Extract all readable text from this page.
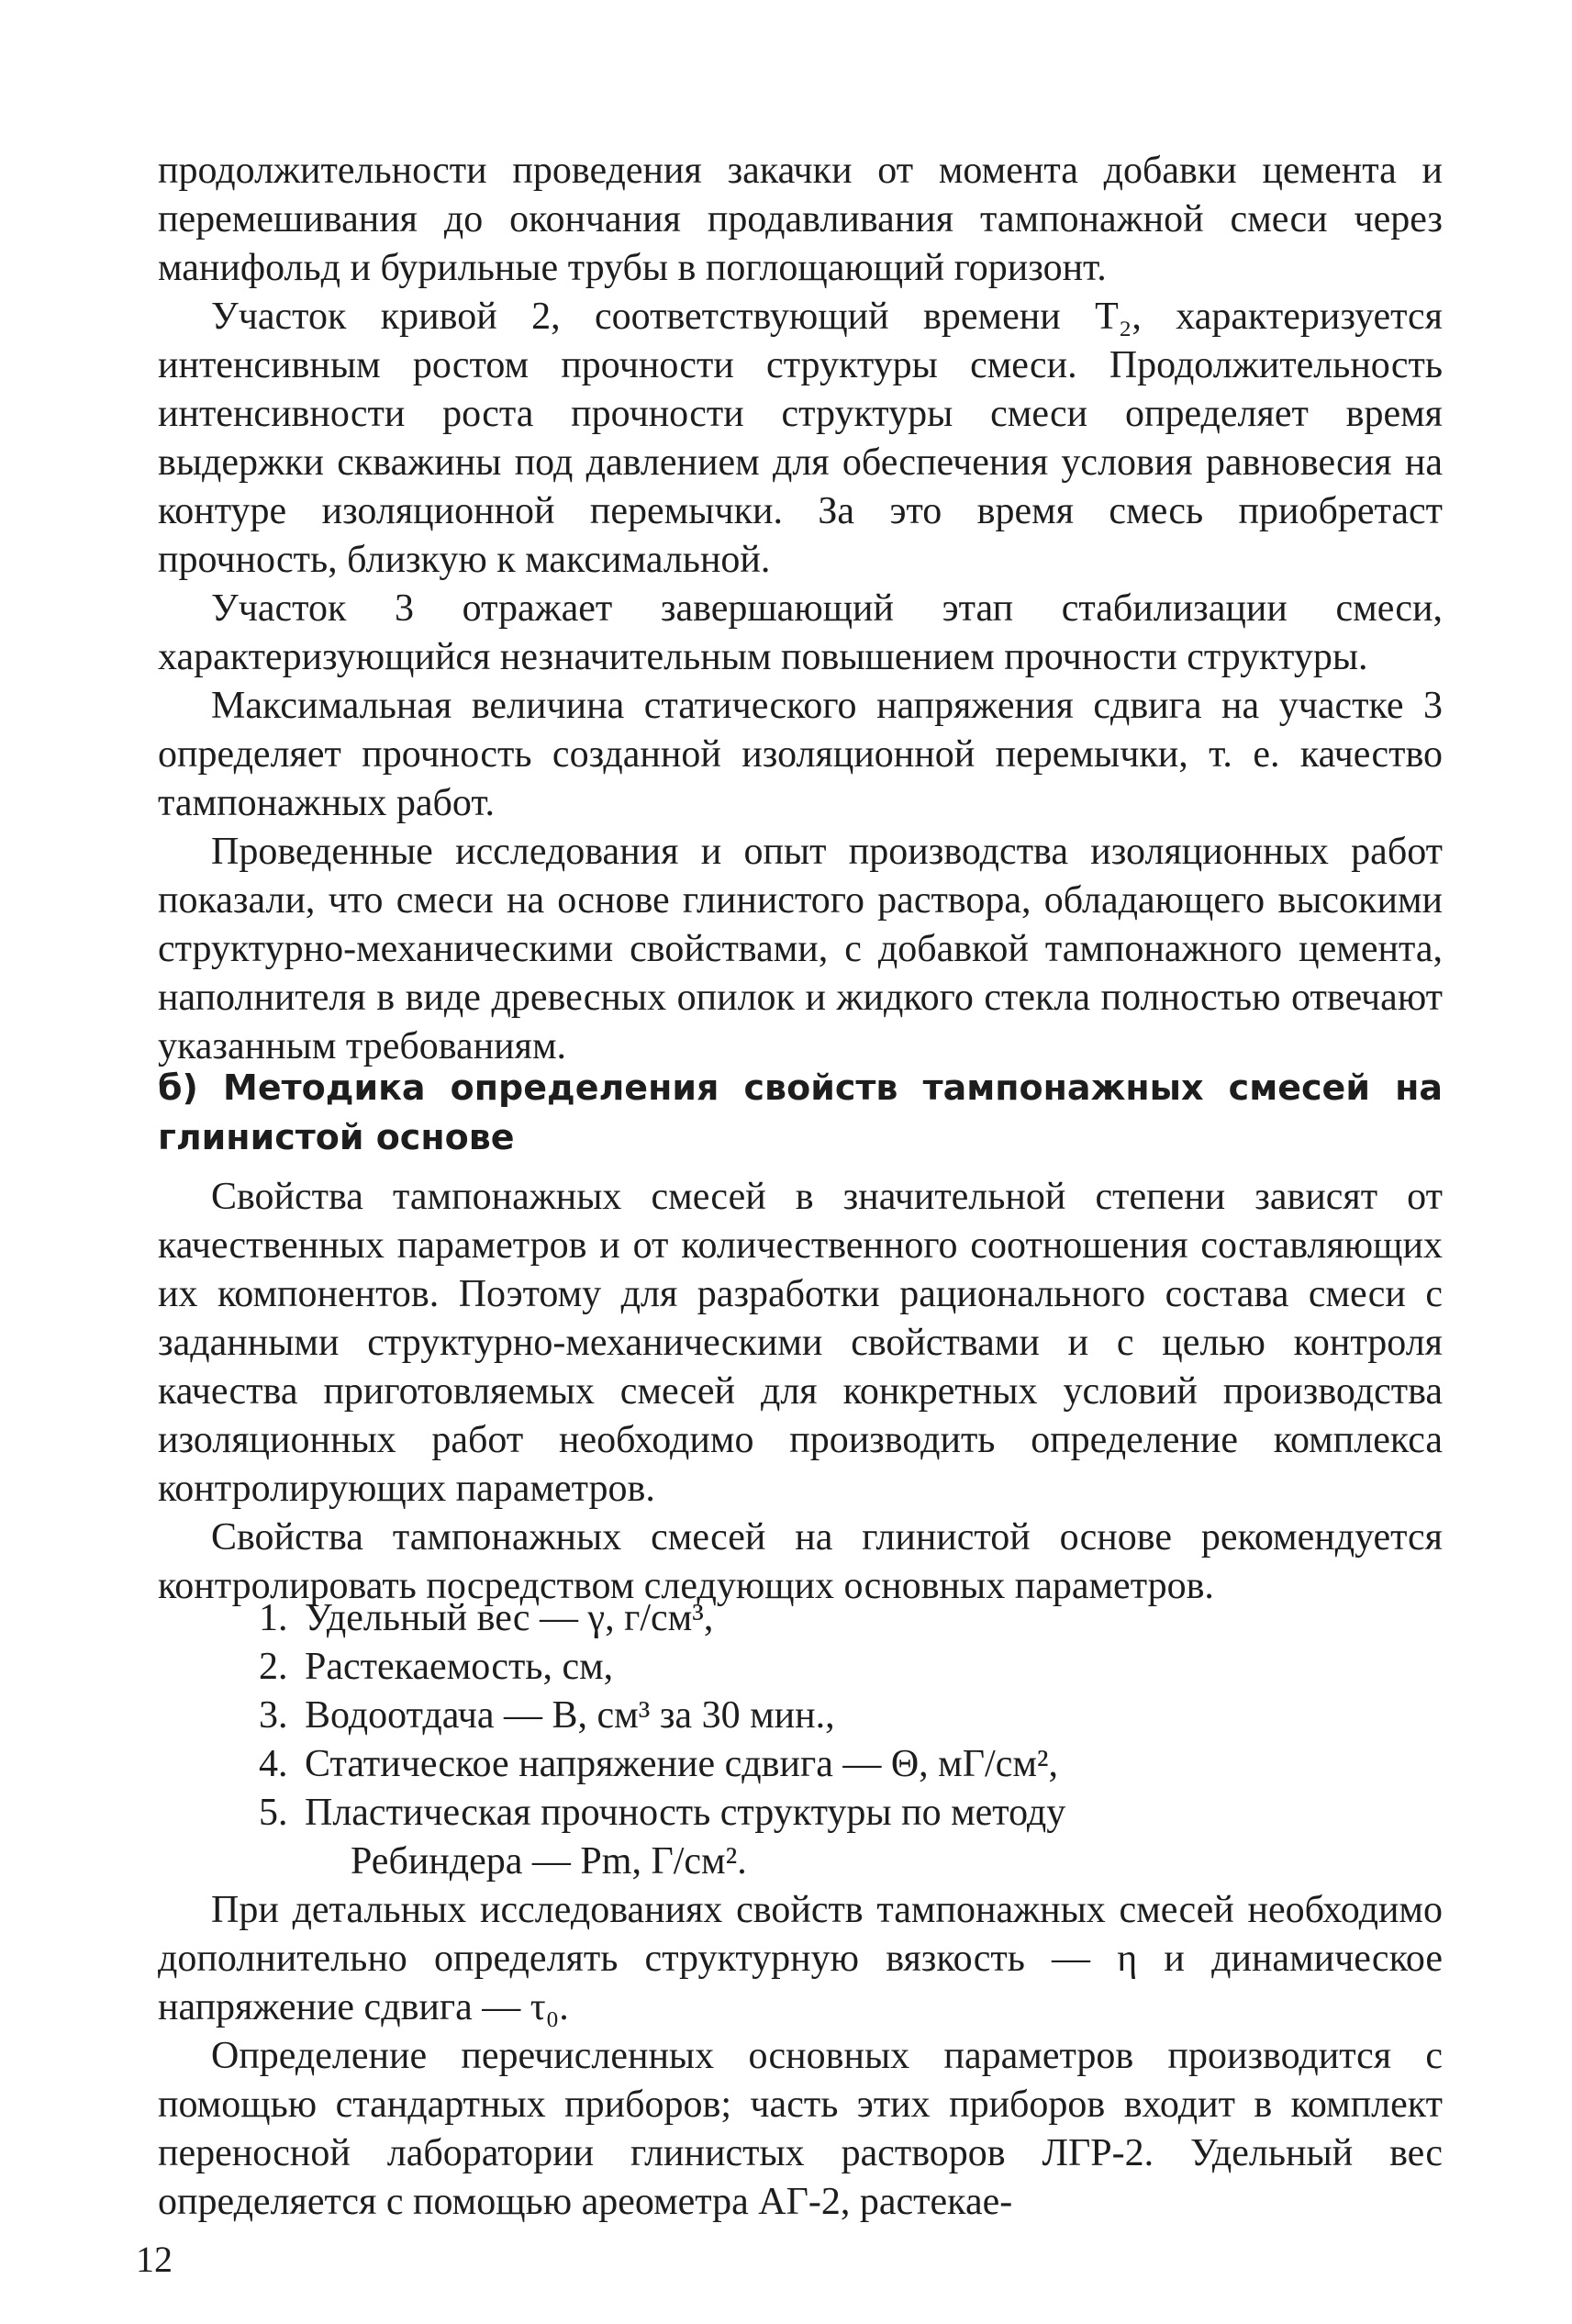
продолжительности проведения закачки от момента добавки цемента и перемешивания до окончания продавливания тампонажной смеси через манифольд и бурильные трубы в поглощающий горизонт.

Участок кривой 2, соответствующий времени T₂, характеризуется интенсивным ростом прочности структуры смеси. Продолжительность интенсивности роста прочности структуры смеси определяет время выдержки скважины под давлением для обеспечения условия равновесия на контуре изоляционной перемычки. За это время смесь приобретаст прочность, близкую к максимальной.

Участок 3 отражает завершающий этап стабилизации смеси, характеризующийся незначительным повышением прочности структуры.

Максимальная величина статического напряжения сдвига на участке 3 определяет прочность созданной изоляционной перемычки, т. е. качество тампонажных работ.

Проведенные исследования и опыт производства изоляционных работ показали, что смеси на основе глинистого раствора, обладающего высокими структурно-механическими свойствами, с добавкой тампонажного цемента, наполнителя в виде древесных опилок и жидкого стекла полностью отвечают указанным требованиям.

б) Методика определения свойств тампонажных смесей на глинистой основе

Свойства тампонажных смесей в значительной степени зависят от качественных параметров и от количественного соотношения составляющих их компонентов. Поэтому для разработки рационального состава смеси с заданными структурно-механическими свойствами и с целью контроля качества приготовляемых смесей для конкретных условий производства изоляционных работ необходимо производить определение комплекса контролирующих параметров.

Свойства тампонажных смесей на глинистой основе рекомендуется контролировать посредством следующих основных параметров.

1. Удельный вес — γ, г/см³,
2. Растекаемость, см,
3. Водоотдача — В, см³ за 30 мин.,
4. Статическое напряжение сдвига — Θ, мГ/см²,
5. Пластическая прочность структуры по методу
Ребиндера — Pm, Г/см².

При детальных исследованиях свойств тампонажных смесей необходимо дополнительно определять структурную вязкость — η и динамическое напряжение сдвига — τ₀.

Определение перечисленных основных параметров производится с помощью стандартных приборов; часть этих приборов входит в комплект переносной лаборатории глинистых растворов ЛГР-2. Удельный вес определяется с помощью ареометра АГ-2, растекае-

12
